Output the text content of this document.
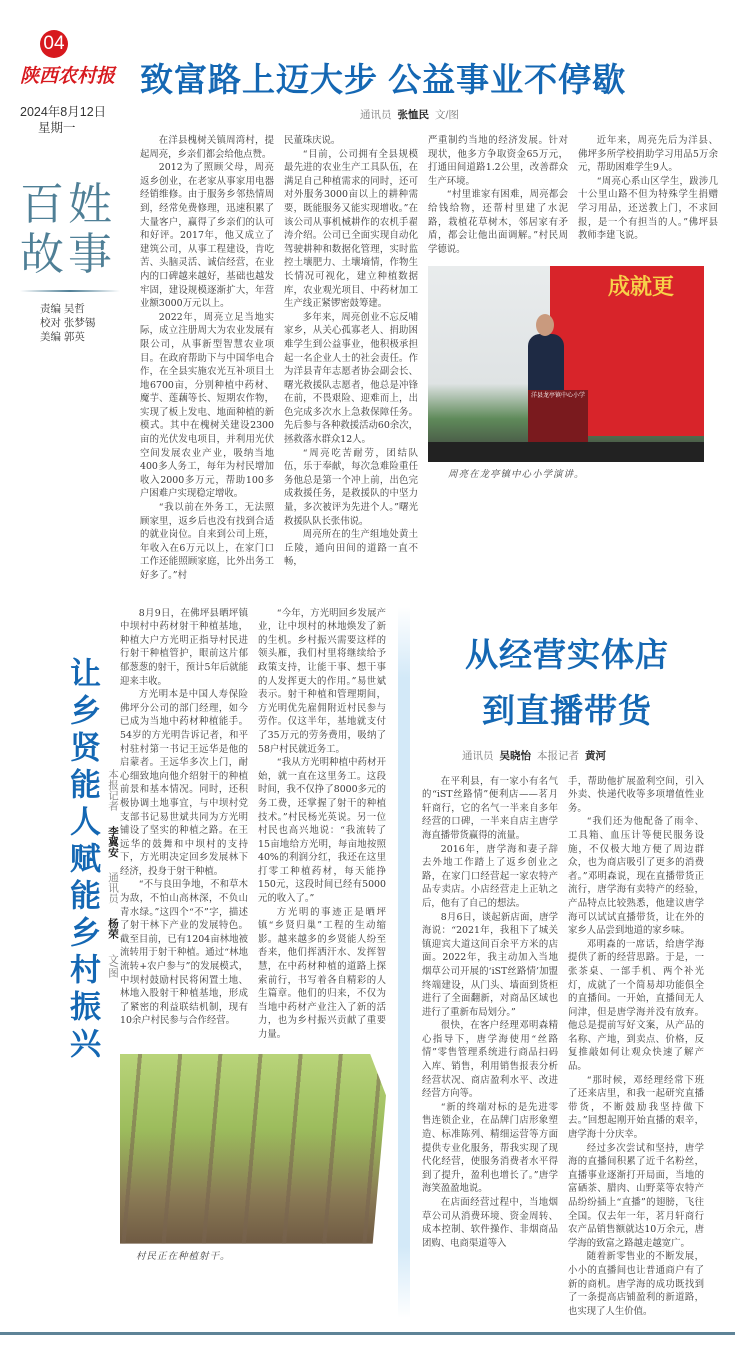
04
陕西农村报
2024年8月12日
星期一
百姓
故事
责编 吴哲
校对 张梦锡
美编 郭英
致富路上迈大步 公益事业不停歇
通讯员 张恤民 文/图

在洋县槐树关镇周湾村，提起周亮，乡亲们都会给他点赞。

2012为了照顾父母，周亮返乡创业，在老家从事家用电器经销维修。由于服务乡邻热情周到，经常免费修理，迅速积累了大量客户，赢得了乡亲们的认可和好评。2017年，他又成立了建筑公司，从事工程建设，肯吃苦、头脑灵活、诚信经营，在业内的口碑越来越好，基础也越发牢固，建设规模逐渐扩大，年营业额3000万元以上。

2022年，周亮立足当地实际，成立注册周大为农业发展有限公司，从事新型智慧农业项目。在政府帮助下与中国华电合作，在全县实施农光互补项目土地6700亩，分别种植中药材、魔芋、莲藕等长、短期农作物，实现了板上发电、地面种植的新模式。其中在槐树关建设2300亩的光伏发电项目，并利用光伏空间发展农业产业，吸纳当地400多人务工，每年为村民增加收入2000多万元，帮助100多户困难户实现稳定增收。

“我以前在外务工，无法照顾家里，返乡后也没有找到合适的就业岗位。自来到公司上班，年收入在6万元以上，在家门口工作还能照顾家庭，比外出务工好多了。”村

民董珠庆说。

“目前，公司拥有全县规模最先进的农业生产工具队伍，在满足自己种植需求的同时，还可对外服务3000亩以上的耕种需要，既能服务又能实现增收。”在该公司从事机械耕作的农机手翟涛介绍。公司已全面实现自动化驾驶耕种和数据化管理，实时监控土壤肥力、土壤墒情，作物生长情况可视化，建立种植数据库，农业观光项目、中药材加工生产线正紧锣密鼓筹建。

多年来，周亮创业不忘反哺家乡，从关心孤寡老人、捐助困难学生到公益事业，他积极承担起一名企业人士的社会责任。作为洋县青年志愿者协会副会长、曙光救援队志愿者，他总是冲锋在前，不畏艰险、迎难而上，出色完成多次水上急救保障任务。先后参与各种救援活动60余次，拯救落水群众12人。

“周亮吃苦耐劳，团结队伍，乐于奉献，每次急难险重任务他总是第一个冲上前，出色完成救援任务，是救援队的中坚力量，多次被评为先进个人。”曙光救援队队长张伟说。

周亮所在的生产组地处黄土丘陵，通向田间的道路一直不畅，

严重制约当地的经济发展。针对现状，他多方争取资金65万元，打通田间道路1.2公里，改善群众生产环境。

“村里谁家有困难，周亮都会给钱给物，还帮村里建了水泥路，栽植花草树木，邻居家有矛盾，都会让他出面调解。”村民周学德说。

近年来，周亮先后为洋县、佛坪多所学校捐助学习用品5万余元，帮助困难学生9人。

“周亮心系山区学生，跋涉几十公里山路不但为特殊学生捐赠学习用品，还送教上门，不求回报，是一个有担当的人。”佛坪县教师李建飞说。

成就更
洋县龙亭镇中心小学
周亮在龙亭镇中心小学演讲。
让乡贤能人赋能乡村振兴 本报记者 李冀安 通讯员 杨荣 文/图

8月9日，在佛坪县晒坪镇中坝村中药材射干种植基地，种植大户方光明正指导村民进行射干种植管护，眼前这片郁郁葱葱的射干，预计5年后就能迎来丰收。

方光明本是中国人寿保险佛坪分公司的部门经理，如今已成为当地中药材种植能手。54岁的方光明告诉记者，和平村驻村第一书记王远华是他的启蒙者。王远华多次上门，耐心细致地向他介绍射干的种植前景和基本情况。同时，还积极协调土地事宜，与中坝村党支部书记易世斌共同为方光明铺设了坚实的种植之路。在王远华的鼓舞和中坝村的支持下，方光明决定回乡发展林下经济，投身于射干种植。

“不与良田争地，不和草木为敌，不怕山高林深，不负山青水绿。”这四个“不”字，描述了射干林下产业的发展特色。截至目前，已有1204亩林地被流转用于射干种植。通过“林地流转+农户参与”的发展模式，中坝村鼓励村民将闲置土地、林地入股射干种植基地，形成了紧密的利益联结机制，现有10余户村民参与合作经营。

“今年，方光明回乡发展产业，让中坝村的林地焕发了新的生机。乡村振兴需要这样的领头雁，我们村里将继续给予政策支持，让能干事、想干事的人发挥更大的作用。”易世斌表示。射干种植和管理期间，方光明优先雇佣附近村民参与劳作。仅这半年，基地就支付了35万元的劳务费用，吸纳了58户村民就近务工。

“我从方光明种植中药材开始，就一直在这里务工。这段时间，我不仅挣了8000多元的务工费，还掌握了射干的种植技术。”村民杨光英说。另一位村民也高兴地说：“我流转了15亩地给方光明，每亩地按照40%的利润分红，我还在这里打零工种植药材，每天能挣150元，这段时间已经有5000元的收入了。”

方光明的事迹正是晒坪镇“乡贤归巢”工程的生动缩影。越来越多的乡贤能人纷至沓来，他们挥洒汗水、发挥智慧，在中药材种植的道路上探索前行，书写着各自精彩的人生篇章。他们的归来，不仅为当地中药材产业注入了新的活力，也为乡村振兴贡献了重要力量。

村民正在种植射干。
从经营实体店
到直播带货
通讯员 吴晓怡 本报记者 黄河

在平利县，有一家小有名气的“iST丝路情”便利店——茗月轩商行，它的名气一半来自多年经营的口碑，一半来自店主唐学海直播带货赢得的流量。

2016年，唐学海和妻子辞去外地工作踏上了返乡创业之路，在家门口经营起一家农特产品专卖店。小店经营走上正轨之后，他有了自己的想法。

8月6日，谈起新店面，唐学海说：“2021年，我租下了城关镇迎宾大道这间百余平方米的店面。2022年，我主动加入当地烟草公司开展的‘iST丝路情’加盟终端建设，从门头、墙面到货柜进行了全面翻新，对商品区域也进行了重新布局划分。”

很快，在客户经理邓明森精心指导下，唐学海使用“丝路情”零售管理系统进行商品扫码入库、销售，利用销售报表分析经营状况、商店盈利水平、改进经营方向等。

“新的终端对标的是先进零售连锁企业，在品牌门店形象塑造、标准陈列、精细运营等方面提供专业化服务，帮我实现了现代化经营，使服务消费者水平得到了提升，盈利也增长了。”唐学海笑盈盈地说。

在店面经营过程中，当地烟草公司从消费环境、资金周转、成本控制、软件操作、非烟商品团购、电商渠道等入

手，帮助他扩展盈利空间，引入外卖、快递代收等多项增值性业务。

“我们还为他配备了雨伞、工具箱、血压计等便民服务设施，不仅极大地方便了周边群众，也为商店吸引了更多的消费者。”邓明森说，现在直播带货正流行，唐学海有卖特产的经验，产品特点比较熟悉，他建议唐学海可以试试直播带货，让在外的家乡人品尝到地道的家乡味。

邓明森的一席话，给唐学海提供了新的经营思路。于是，一张茶桌、一部手机、两个补光灯，成就了一个简易却功能俱全的直播间。一开始，直播间无人问津，但是唐学海并没有放弃。他总是提前写好文案，从产品的名称、产地，到卖点、价格，反复推敲如何让观众快速了解产品。

“那时候，邓经理经常下班了还来店里，和我一起研究直播带货，不断鼓励我坚持做下去。”回想起刚开始直播的艰辛，唐学海十分庆幸。

经过多次尝试和坚持，唐学海的直播间积累了近千名粉丝，直播事业逐渐打开局面，当地的富硒茶、腊肉、山野菜等农特产品纷纷插上“直播”的翅膀，飞往全国。仅去年一年，茗月轩商行农产品销售额就达10万余元，唐学海的致富之路越走越宽广。

随着新零售业的不断发展，小小的直播间也让普通商户有了新的商机。唐学海的成功既找到了一条提高店铺盈利的新道路，也实现了人生价值。
